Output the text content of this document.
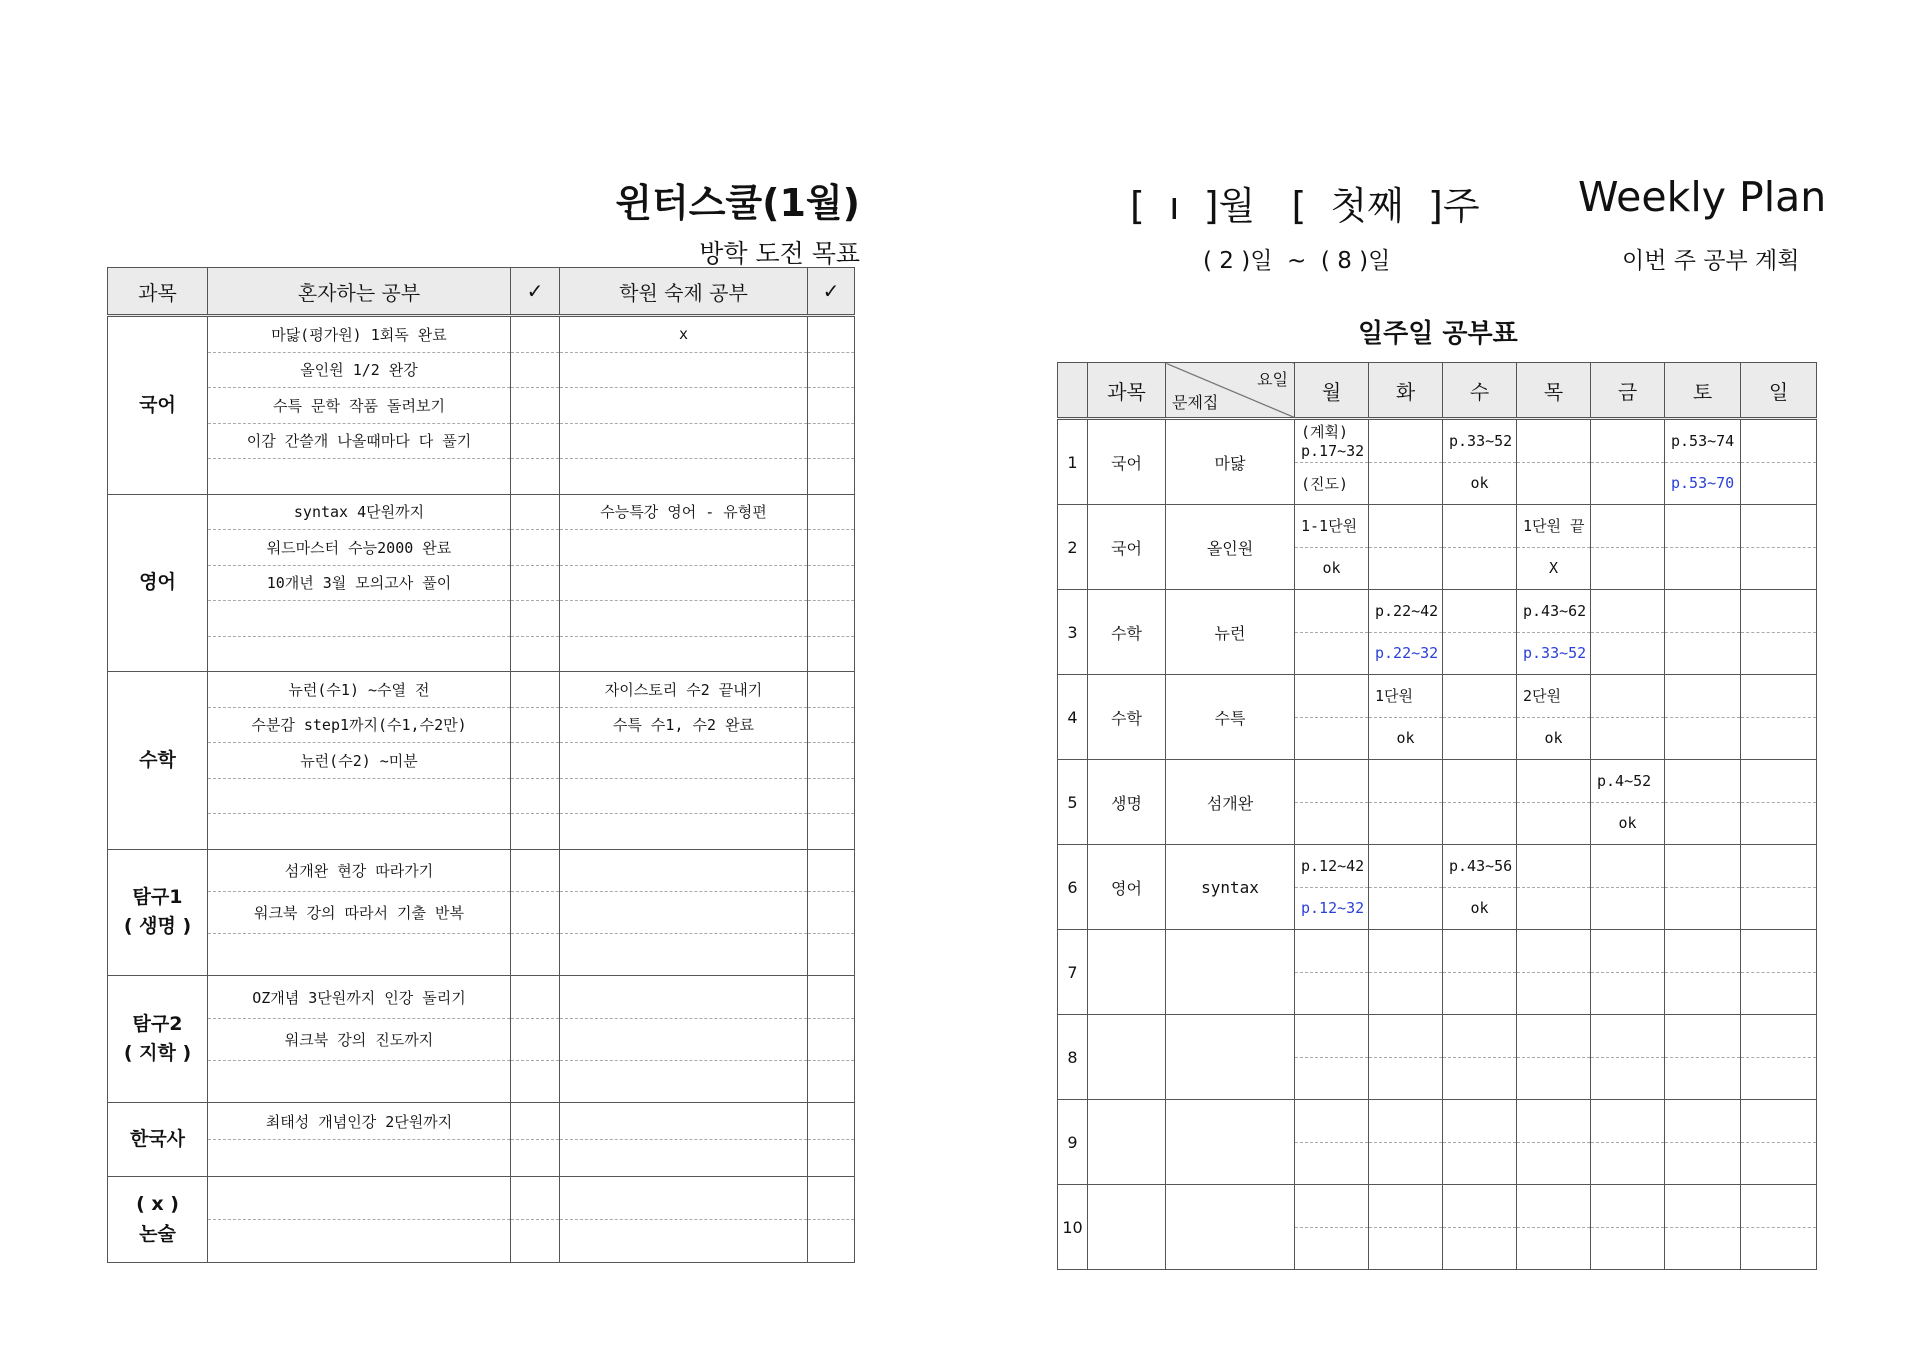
윈터스쿨(1월)
방학 도전 목표
과목	혼자하는 공부	✓	학원 숙제 공부	✓

국어	마닳(평가원) 1회독 완료		x	
	올인원 1/2 완강			
	수특 문학 작품 돌려보기			
	이감 간쓸개 나올때마다 다 풀기			

영어	syntax 4단원까지		수능특강 영어 - 유형편	
	워드마스터 수능2000 완료			
	10개년 3월 모의고사 풀이			

수학	뉴런(수1) ~수열 전		자이스토리 수2 끝내기	
	수분감 step1까지(수1,수2만)		수특 수1, 수2 완료	
	뉴런(수2) ~미분			

탐구1
( 생명 )	섬개완 현강 따라가기			
	워크북 강의 따라서 기출 반복			

탐구2
( 지학 )	OZ개념 3단원까지 인강 돌리기			
	워크북 강의 진도까지			

한국사	최태성 개념인강 2단원까지			

( x )
논술				

[  ı  ]월   [  첫째  ]주 Weekly Plan
( 2 )일  ~  ( 8 )일	이번 주 공부 계획
일주일 공부표
	과목	요일
문제집	월	화	수	목	금	토	일
1	국어	마닳	(계획) p.17~32		p.33~52			p.53~74	
			(진도)		ok			p.53~70	
2	국어	올인원	1-1단원			1단원 끝			
			ok			X			
3	수학	뉴런		p.22~42		p.43~62			
				p.22~32		p.33~52			
4	수학	수특		1단원		2단원			
				ok		ok			
5	생명	섬개완					p.4~52		
							ok		
6	영어	syntax	p.12~42		p.43~56				
			p.12~32		ok				
7									

8									

9									

10									
